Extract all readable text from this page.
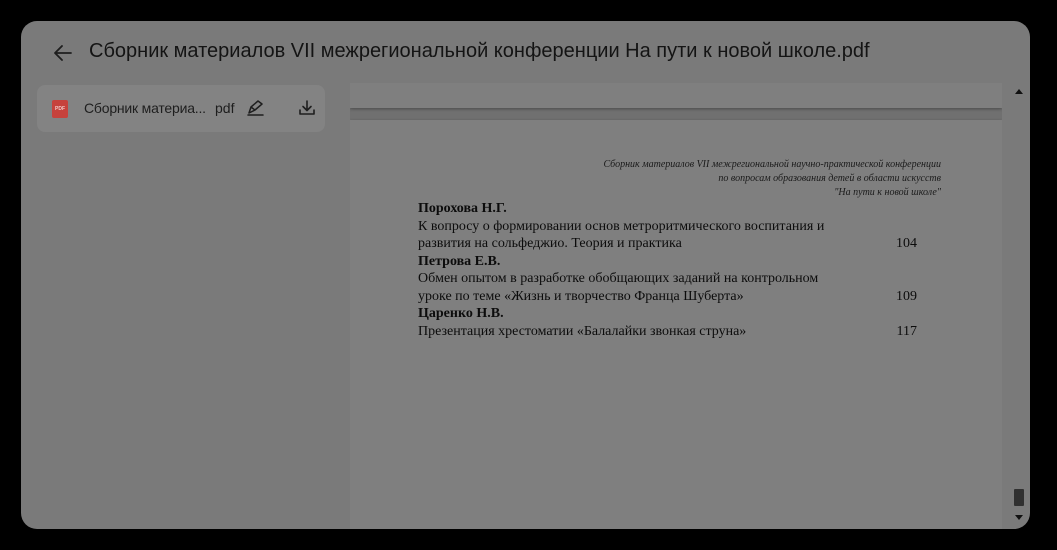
Сборник материалов VII межрегиональной конференции На пути к новой школе.pdf
PDF Сборник материа... pdf
Сборник материалов VII межрегиональной научно-практической конференции
по вопросам образования детей в области искусств
"На пути к новой школе"
Порохова Н.Г.
К вопросу о формировании основ метроритмического воспитания и
развития на сольфеджио. Теория и практика	104
Петрова Е.В.
Обмен опытом в разработке обобщающих заданий на контрольном
уроке по теме «Жизнь и творчество Франца Шуберта»	109
Царенко Н.В.
Презентация хрестоматии «Балалайки звонкая струна»	117
